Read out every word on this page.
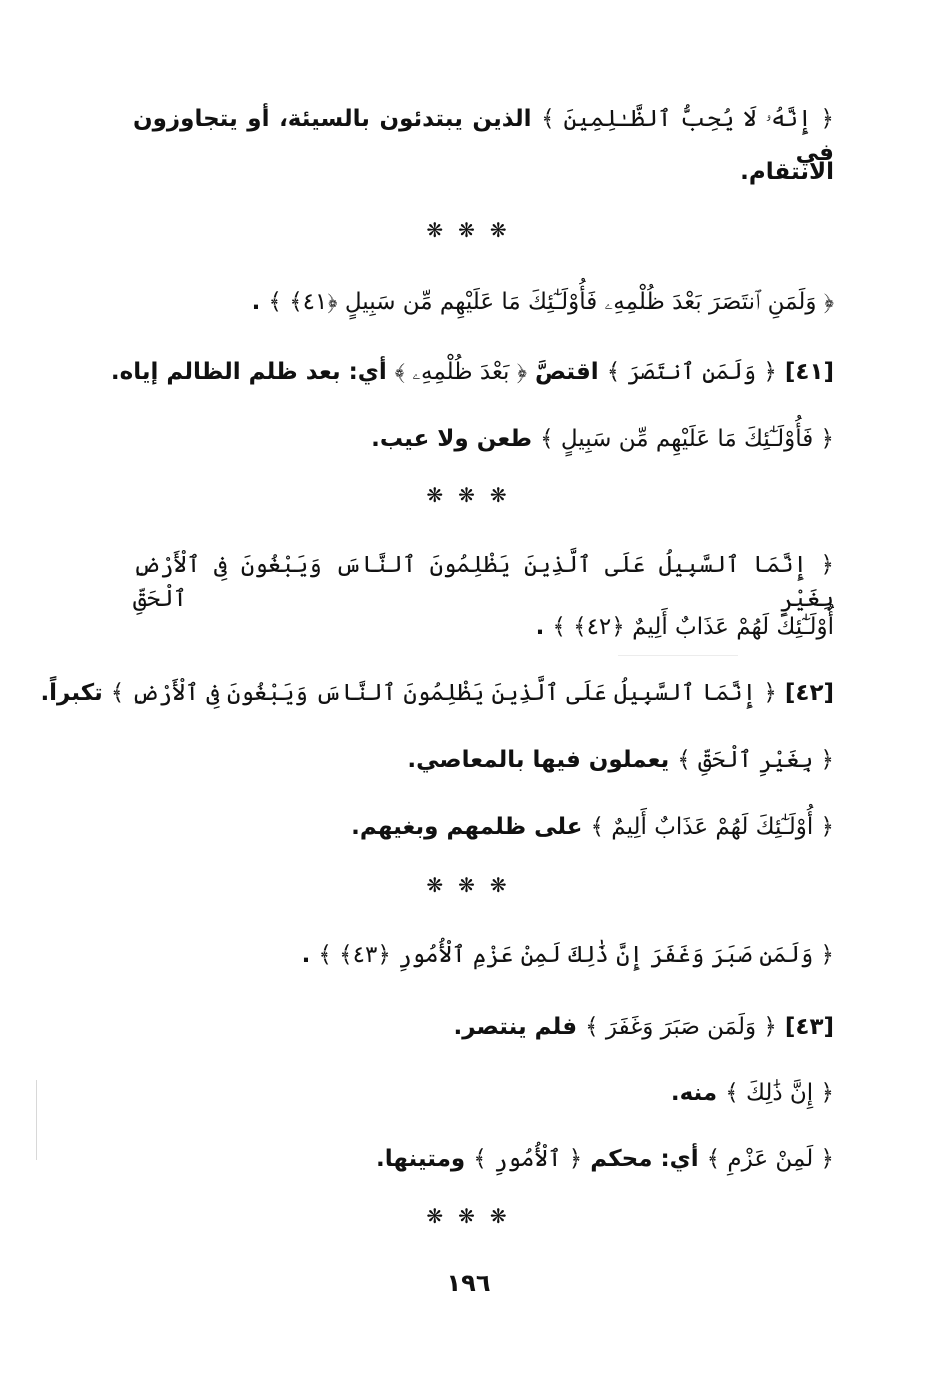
﴿ إِنَّهُۥ لَا يُحِبُّ ٱلظَّـٰلِمِينَ ﴾ الذين يبتدئون بالسيئة، أو يتجاوزون في
الانتقام.
❋ ❋ ❋
﴿ وَلَمَنِ ٱنتَصَرَ بَعْدَ ظُلْمِهِۦ فَأُوْلَـٰٓئِكَ مَا عَلَيْهِم مِّن سَبِيلٍ ﴿٤١﴾ ﴾ .
[٤١] ﴿ وَلَمَنِ ٱنتَصَرَ ﴾ اقتصَّ ﴿ بَعْدَ ظُلْمِهِۦ ﴾ أي: بعد ظلم الظالم إياه.
﴿ فَأُوْلَـٰٓئِكَ مَا عَلَيْهِم مِّن سَبِيلٍ ﴾ طعن ولا عيب.
❋ ❋ ❋
﴿ إِنَّمَا ٱلسَّبِيلُ عَلَى ٱلَّذِينَ يَظْلِمُونَ ٱلنَّاسَ وَيَبْغُونَ فِى ٱلْأَرْضِ بِغَيْرِ ٱلْحَقِّ
أُوْلَـٰٓئِكَ لَهُمْ عَذَابٌ أَلِيمٌ ﴿٤٢﴾ ﴾ .
[٤٢] ﴿ إِنَّمَا ٱلسَّبِيلُ عَلَى ٱلَّذِينَ يَظْلِمُونَ ٱلنَّاسَ وَيَبْغُونَ فِى ٱلْأَرْضِ ﴾ تكبراً.
﴿ بِغَيْرِ ٱلْحَقِّ ﴾ يعملون فيها بالمعاصي.
﴿ أُوْلَـٰٓئِكَ لَهُمْ عَذَابٌ أَلِيمٌ ﴾ على ظلمهم وبغيهم.
❋ ❋ ❋
﴿ وَلَمَن صَبَرَ وَغَفَرَ إِنَّ ذَٰلِكَ لَمِنْ عَزْمِ ٱلْأُمُورِ ﴿٤٣﴾ ﴾ .
[٤٣] ﴿ وَلَمَن صَبَرَ وَغَفَرَ ﴾ فلم ينتصر.
﴿ إِنَّ ذَٰلِكَ ﴾ منه.
﴿ لَمِنْ عَزْمِ ﴾ أي: محكم ﴿ ٱلْأُمُورِ ﴾ ومتينها.
❋ ❋ ❋
١٩٦
